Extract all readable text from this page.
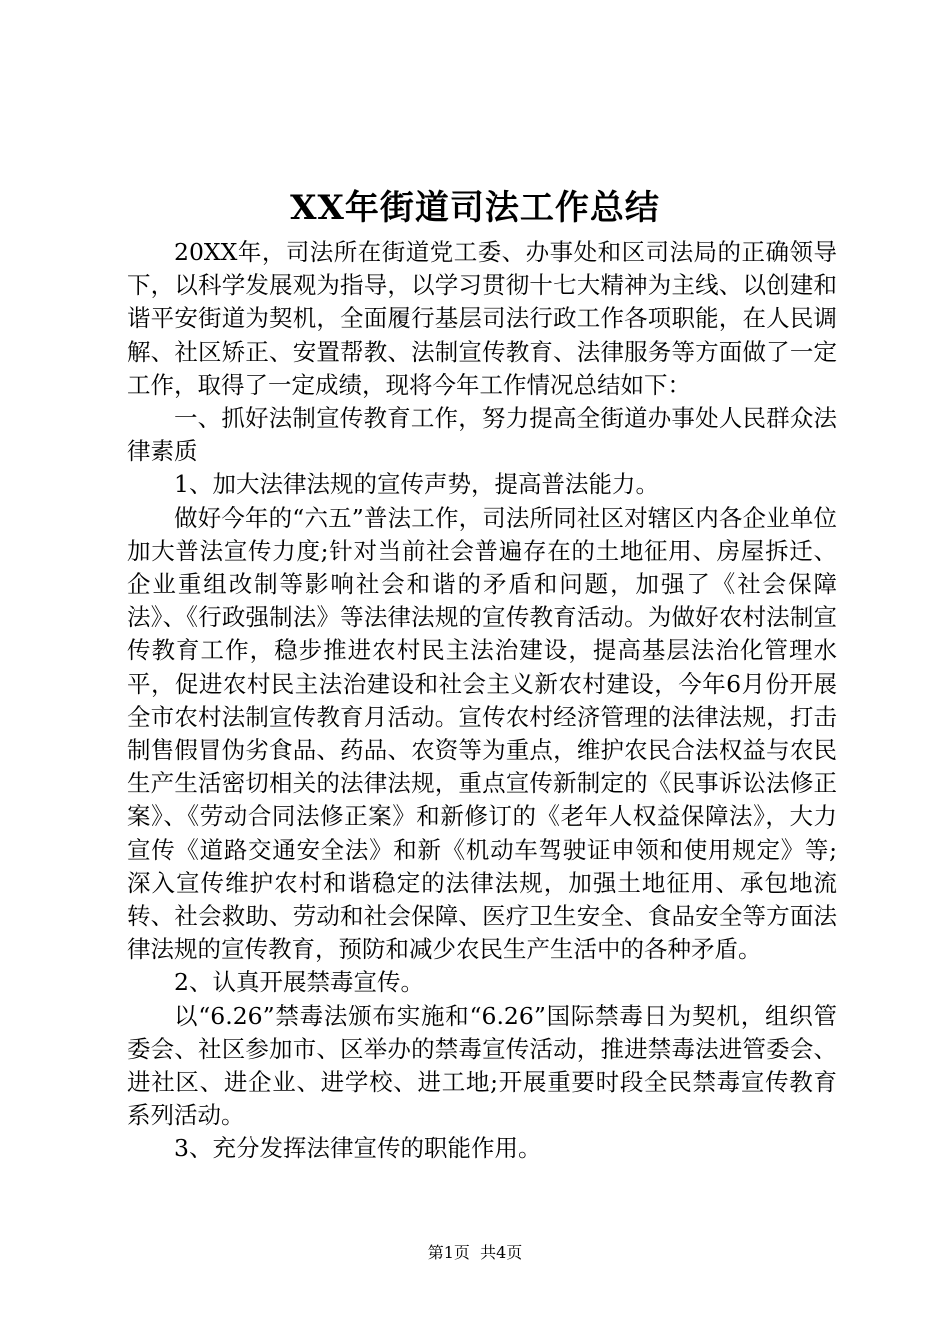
XX年街道司法工作总结

20XX年，司法所在街道党工委、办事处和区司法局的正确领导下，以科学发展观为指导，以学习贯彻十七大精神为主线、以创建和谐平安街道为契机，全面履行基层司法行政工作各项职能，在人民调解、社区矫正、安置帮教、法制宣传教育、法律服务等方面做了一定工作，取得了一定成绩，现将今年工作情况总结如下：

一、抓好法制宣传教育工作，努力提高全街道办事处人民群众法律素质

1、加大法律法规的宣传声势，提高普法能力。

做好今年的“六五”普法工作，司法所同社区对辖区内各企业单位加大普法宣传力度;针对当前社会普遍存在的土地征用、房屋拆迁、企业重组改制等影响社会和谐的矛盾和问题，加强了《社会保障法》、《行政强制法》等法律法规的宣传教育活动。为做好农村法制宣传教育工作，稳步推进农村民主法治建设，提高基层法治化管理水平，促进农村民主法治建设和社会主义新农村建设，今年6月份开展全市农村法制宣传教育月活动。宣传农村经济管理的法律法规，打击制售假冒伪劣食品、药品、农资等为重点，维护农民合法权益与农民生产生活密切相关的法律法规，重点宣传新制定的《民事诉讼法修正案》、《劳动合同法修正案》和新修订的《老年人权益保障法》，大力宣传《道路交通安全法》和新《机动车驾驶证申领和使用规定》等;深入宣传维护农村和谐稳定的法律法规，加强土地征用、承包地流转、社会救助、劳动和社会保障、医疗卫生安全、食品安全等方面法律法规的宣传教育，预防和减少农民生产生活中的各种矛盾。

2、认真开展禁毒宣传。

以“6.26”禁毒法颁布实施和“6.26”国际禁毒日为契机，组织管委会、社区参加市、区举办的禁毒宣传活动，推进禁毒法进管委会、进社区、进企业、进学校、进工地;开展重要时段全民禁毒宣传教育系列活动。

3、充分发挥法律宣传的职能作用。

第1页  共4页
